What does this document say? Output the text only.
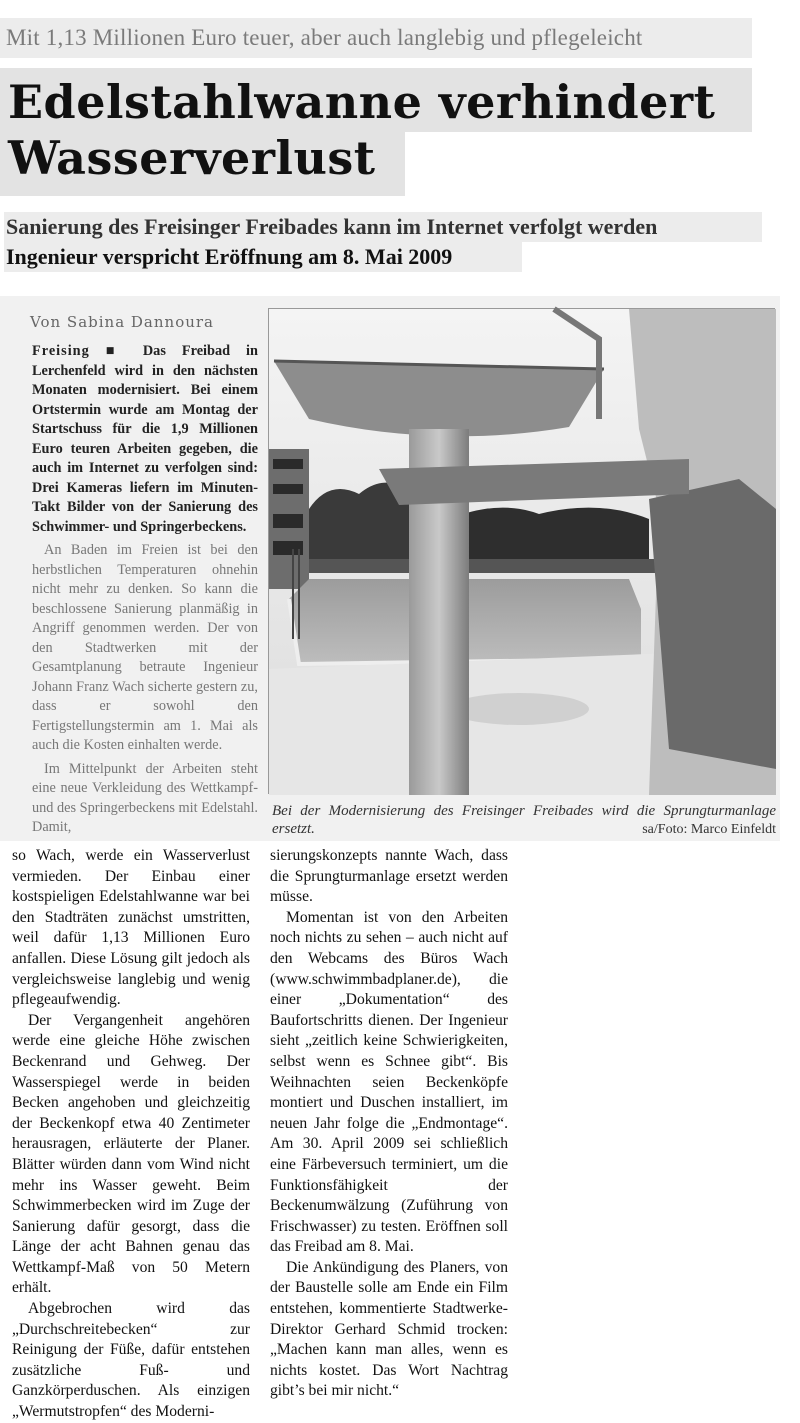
Mit 1,13 Millionen Euro teuer, aber auch langlebig und pflegeleicht
Edelstahlwanne verhindert
Wasserverlust
Sanierung des Freisinger Freibades kann im Internet verfolgt werden
Ingenieur verspricht Eröffnung am 8. Mai 2009
Von Sabina Dannoura

Freising ■ Das Freibad in Lerchenfeld wird in den nächsten Monaten modernisiert. Bei einem Ortstermin wurde am Montag der Startschuss für die 1,9 Millionen Euro teuren Arbeiten gegeben, die auch im Internet zu verfolgen sind: Drei Kameras liefern im Minuten-Takt Bilder von der Sanierung des Schwimmer- und Springerbeckens.

An Baden im Freien ist bei den herbstlichen Temperaturen ohnehin nicht mehr zu denken. So kann die beschlossene Sanierung planmäßig in Angriff genommen werden. Der von den Stadtwerken mit der Gesamtplanung betraute Ingenieur Johann Franz Wach sicherte gestern zu, dass er sowohl den Fertigstellungstermin am 1. Mai als auch die Kosten einhalten werde.

Im Mittelpunkt der Arbeiten steht eine neue Verkleidung des Wettkampf- und des Springerbeckens mit Edelstahl. Damit,

Bei der Modernisierung des Freisinger Freibades wird die Sprungturmanlage ersetzt.	sa/Foto: Marco Einfeldt

so Wach, werde ein Wasserverlust vermieden. Der Einbau einer kostspieligen Edelstahlwanne war bei den Stadträten zunächst umstritten, weil dafür 1,13 Millionen Euro anfallen. Diese Lösung gilt jedoch als vergleichsweise langlebig und wenig pflegeaufwendig.

Der Vergangenheit angehören werde eine gleiche Höhe zwischen Beckenrand und Gehweg. Der Wasserspiegel werde in beiden Becken angehoben und gleichzeitig der Beckenkopf etwa 40 Zentimeter herausragen, erläuterte der Planer. Blätter würden dann vom Wind nicht mehr ins Wasser geweht. Beim Schwimmerbecken wird im Zuge der Sanierung dafür gesorgt, dass die Länge der acht Bahnen genau das Wettkampf-Maß von 50 Metern erhält.

Abgebrochen wird das „Durchschreitebecken“ zur Reinigung der Füße, dafür entstehen zusätzliche Fuß- und Ganzkörperduschen. Als einzigen „Wermutstropfen“ des Moderni-

sierungskonzepts nannte Wach, dass die Sprungturmanlage ersetzt werden müsse.

Momentan ist von den Arbeiten noch nichts zu sehen – auch nicht auf den Webcams des Büros Wach (www.schwimmbadplaner.de), die einer „Dokumentation“ des Baufortschritts dienen. Der Ingenieur sieht „zeitlich keine Schwierigkeiten, selbst wenn es Schnee gibt“. Bis Weihnachten seien Beckenköpfe montiert und Duschen installiert, im neuen Jahr folge die „Endmontage“. Am 30. April 2009 sei schließlich eine Färbeversuch terminiert, um die Funktionsfähigkeit der Beckenumwälzung (Zuführung von Frischwasser) zu testen. Eröffnen soll das Freibad am 8. Mai.

Die Ankündigung des Planers, von der Baustelle solle am Ende ein Film entstehen, kommentierte Stadtwerke-Direktor Gerhard Schmid trocken: „Machen kann man alles, wenn es nichts kostet. Das Wort Nachtrag gibt’s bei mir nicht.“
